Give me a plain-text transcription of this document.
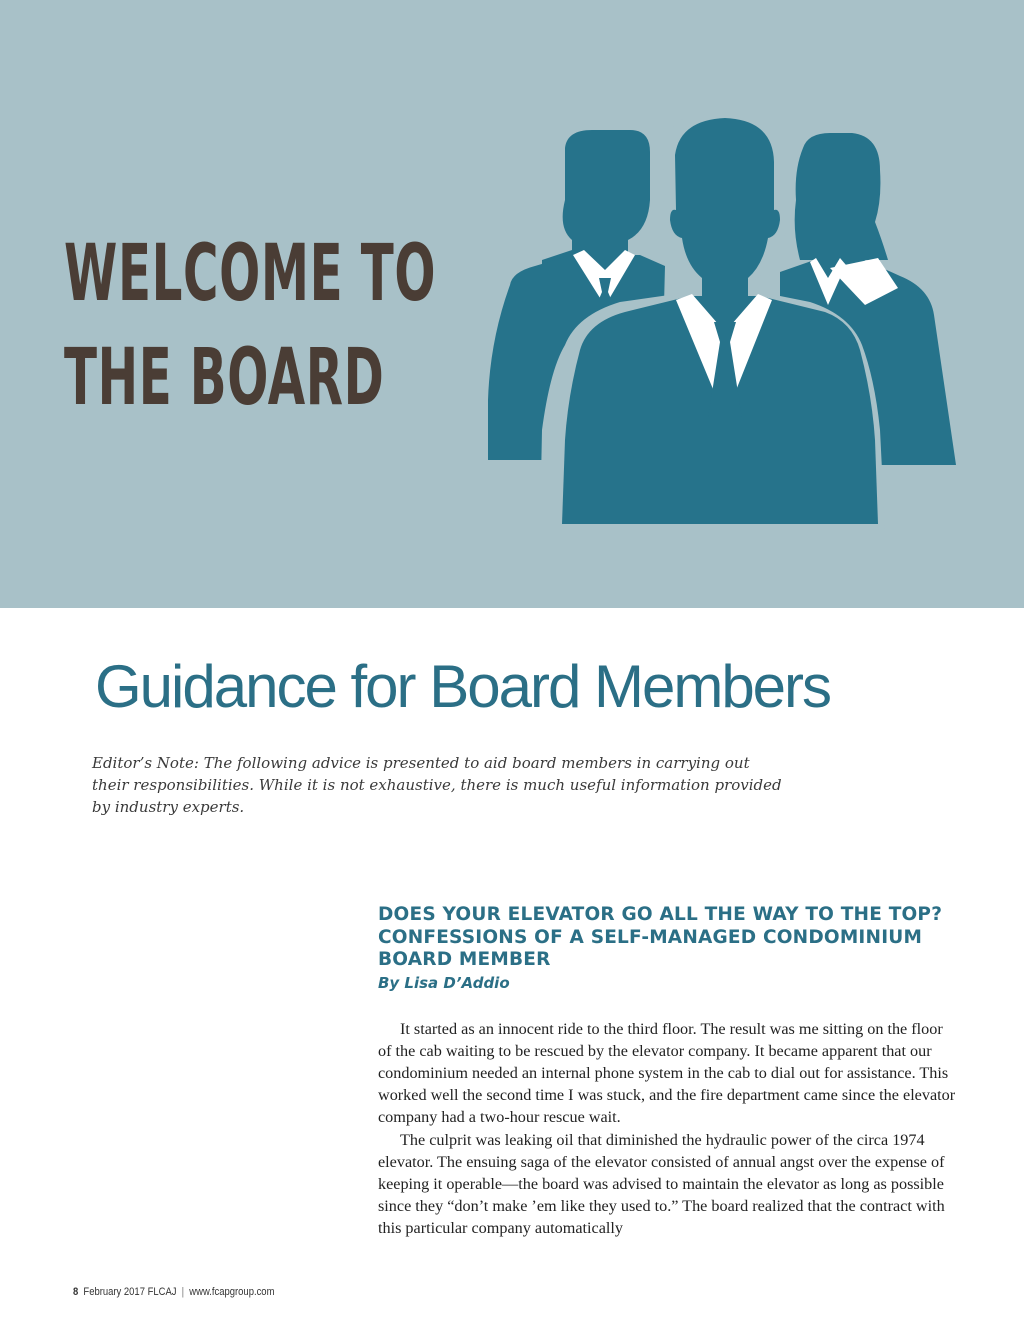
WELCOME TO
THE BOARD
Guidance for Board Members

Editor’s Note: The following advice is presented to aid board members in carrying out their responsibilities. While it is not exhaustive, there is much useful information provided by industry experts.

DOES YOUR ELEVATOR GO ALL THE WAY TO THE TOP?
CONFESSIONS OF A SELF-MANAGED CONDOMINIUM
BOARD MEMBER
By Lisa D’Addio

It started as an innocent ride to the third floor. The result was me sitting on the floor of the cab waiting to be rescued by the elevator company. It became apparent that our condominium needed an internal phone system in the cab to dial out for assistance. This worked well the second time I was stuck, and the fire department came since the elevator company had a two-hour rescue wait.

The culprit was leaking oil that diminished the hydraulic power of the circa 1974 elevator. The ensuing saga of the elevator consisted of annual angst over the expense of keeping it operable—the board was advised to maintain the elevator as long as possible since they “don’t make ’em like they used to.” The board realized that the contract with this particular company automatically

8 February 2017 FLCAJ | www.fcapgroup.com
